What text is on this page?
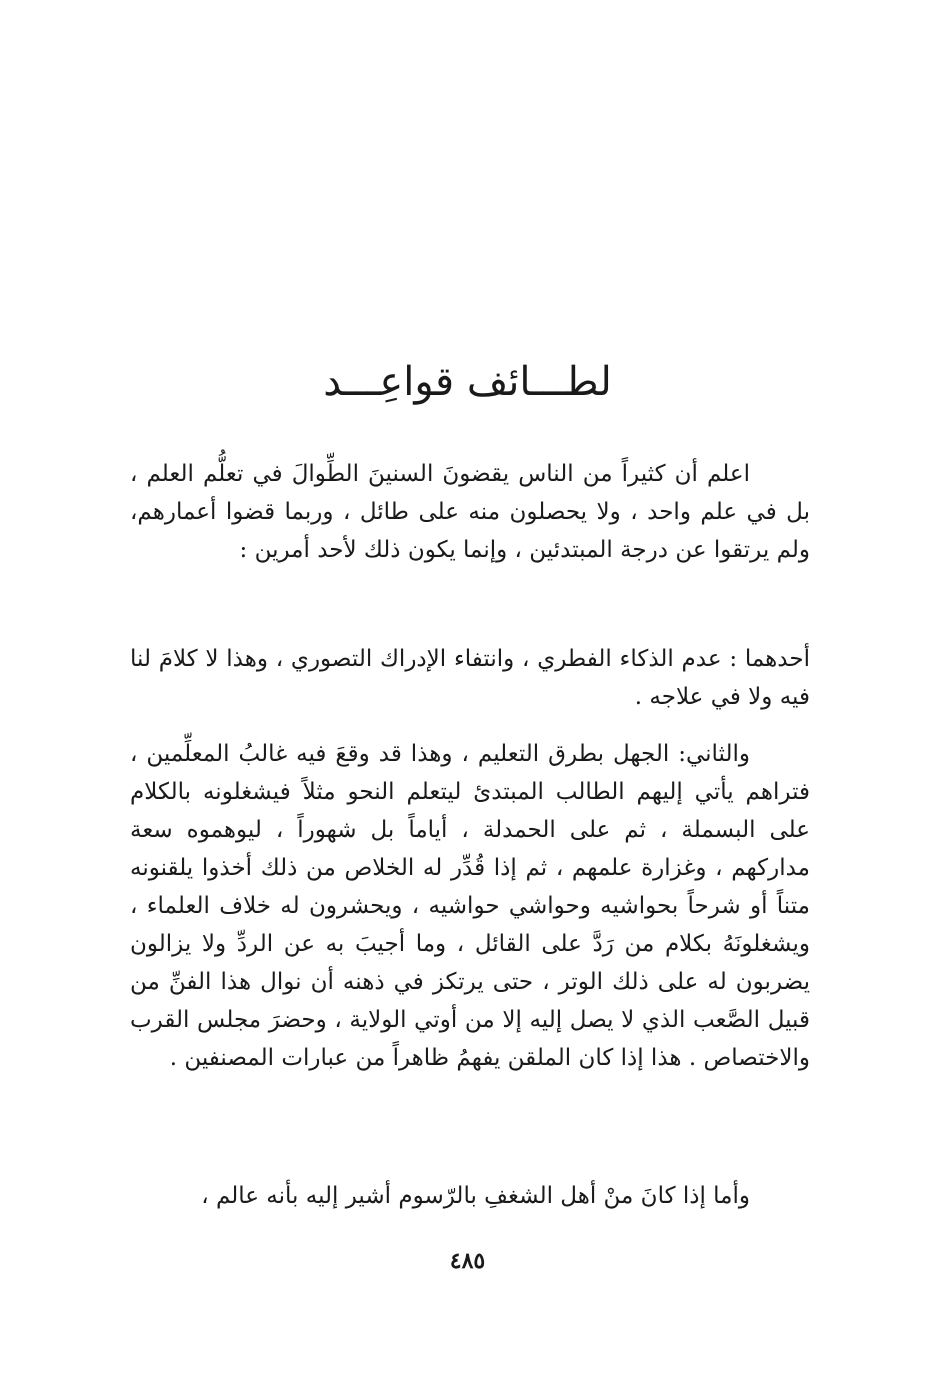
لطـــائف قواعِـــد

اعلم أن كثيراً من الناس يقضونَ السنينَ الطِّوالَ في تعلُّم العلم ، بل في علم واحد ، ولا يحصلون منه على طائل ، وربما قضوا أعمارهم، ولم يرتقوا عن درجة المبتدئين ، وإنما يكون ذلك لأحد أمرين :

أحدهما : عدم الذكاء الفطري ، وانتفاء الإدراك التصوري ، وهذا لا كلامَ لنا فيه ولا في علاجه .

والثاني: الجهل بطرق التعليم ، وهذا قد وقعَ فيه غالبُ المعلِّمين ، فتراهم يأتي إليهم الطالب المبتدئ ليتعلم النحو مثلاً فيشغلونه بالكلام على البسملة ، ثم على الحمدلة ، أياماً بل شهوراً ، ليوهموه سعة مداركهم ، وغزارة علمهم ، ثم إذا قُدِّر له الخلاص من ذلك أخذوا يلقنونه متناً أو شرحاً بحواشيه وحواشي حواشيه ، ويحشرون له خلاف العلماء ، ويشغلونَهُ بكلام من رَدَّ على القائل ، وما أجيبَ به عن الردِّ ولا يزالون يضربون له على ذلك الوتر ، حتى يرتكز في ذهنه أن نوال هذا الفنِّ من قبيل الصَّعب الذي لا يصل إليه إلا من أوتي الولاية ، وحضرَ مجلس القرب والاختصاص . هذا إذا كان الملقن يفهمُ ظاهراً من عبارات المصنفين .

وأما إذا كانَ منْ أهل الشغفِ بالرّسوم أشير إليه بأنه عالم ،

٤٨٥
